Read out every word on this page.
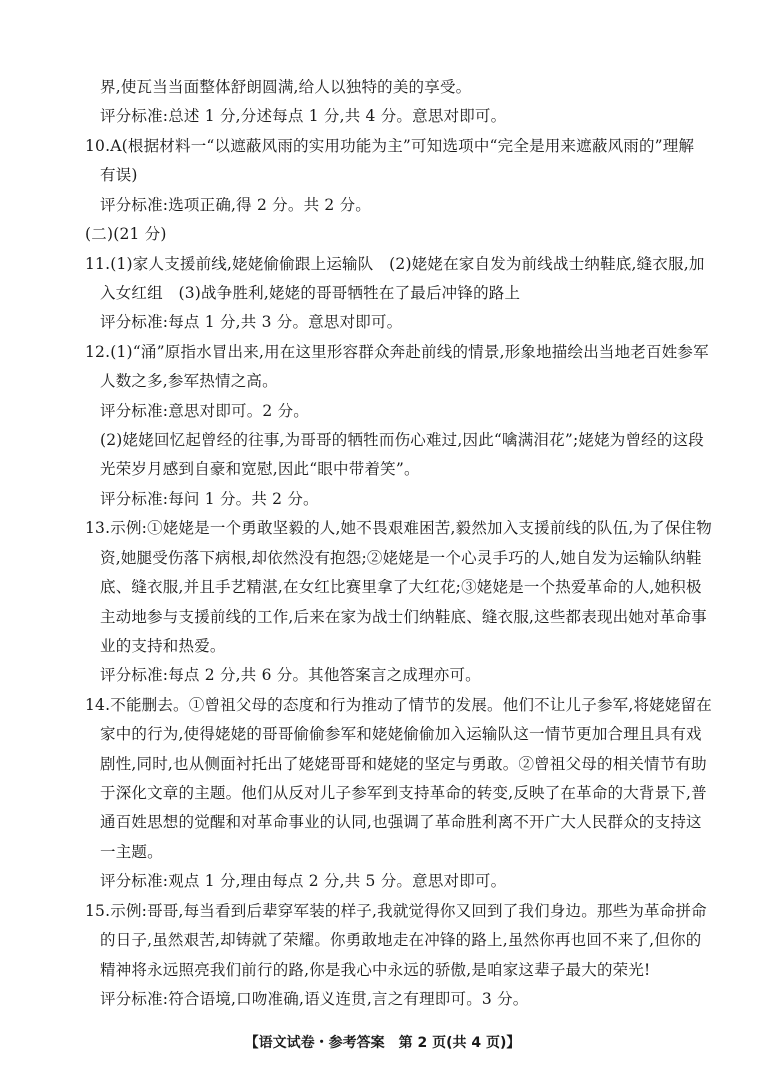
界,使瓦当当面整体舒朗圆满,给人以独特的美的享受。
评分标准:总述 1 分,分述每点 1 分,共 4 分。意思对即可。
10.A(根据材料一“以遮蔽风雨的实用功能为主”可知选项中“完全是用来遮蔽风雨的”理解
有误)
评分标准:选项正确,得 2 分。共 2 分。
(二)(21 分)
11.(1)家人支援前线,姥姥偷偷跟上运输队　(2)姥姥在家自发为前线战士纳鞋底,缝衣服,加
入女红组　(3)战争胜利,姥姥的哥哥牺牲在了最后冲锋的路上
评分标准:每点 1 分,共 3 分。意思对即可。
12.(1)“涌”原指水冒出来,用在这里形容群众奔赴前线的情景,形象地描绘出当地老百姓参军
人数之多,参军热情之高。
评分标准:意思对即可。2 分。
(2)姥姥回忆起曾经的往事,为哥哥的牺牲而伤心难过,因此“噙满泪花”;姥姥为曾经的这段
光荣岁月感到自豪和宽慰,因此“眼中带着笑”。
评分标准:每问 1 分。共 2 分。
13.示例:①姥姥是一个勇敢坚毅的人,她不畏艰难困苦,毅然加入支援前线的队伍,为了保住物
资,她腿受伤落下病根,却依然没有抱怨;②姥姥是一个心灵手巧的人,她自发为运输队纳鞋
底、缝衣服,并且手艺精湛,在女红比赛里拿了大红花;③姥姥是一个热爱革命的人,她积极
主动地参与支援前线的工作,后来在家为战士们纳鞋底、缝衣服,这些都表现出她对革命事
业的支持和热爱。
评分标准:每点 2 分,共 6 分。其他答案言之成理亦可。
14.不能删去。①曾祖父母的态度和行为推动了情节的发展。他们不让儿子参军,将姥姥留在
家中的行为,使得姥姥的哥哥偷偷参军和姥姥偷偷加入运输队这一情节更加合理且具有戏
剧性,同时,也从侧面衬托出了姥姥哥哥和姥姥的坚定与勇敢。②曾祖父母的相关情节有助
于深化文章的主题。他们从反对儿子参军到支持革命的转变,反映了在革命的大背景下,普
通百姓思想的觉醒和对革命事业的认同,也强调了革命胜利离不开广大人民群众的支持这
一主题。
评分标准:观点 1 分,理由每点 2 分,共 5 分。意思对即可。
15.示例:哥哥,每当看到后辈穿军装的样子,我就觉得你又回到了我们身边。那些为革命拼命
的日子,虽然艰苦,却铸就了荣耀。你勇敢地走在冲锋的路上,虽然你再也回不来了,但你的
精神将永远照亮我们前行的路,你是我心中永远的骄傲,是咱家这辈子最大的荣光!
评分标准:符合语境,口吻准确,语义连贯,言之有理即可。3 分。
【语文试卷・参考答案　第 2 页(共 4 页)】
